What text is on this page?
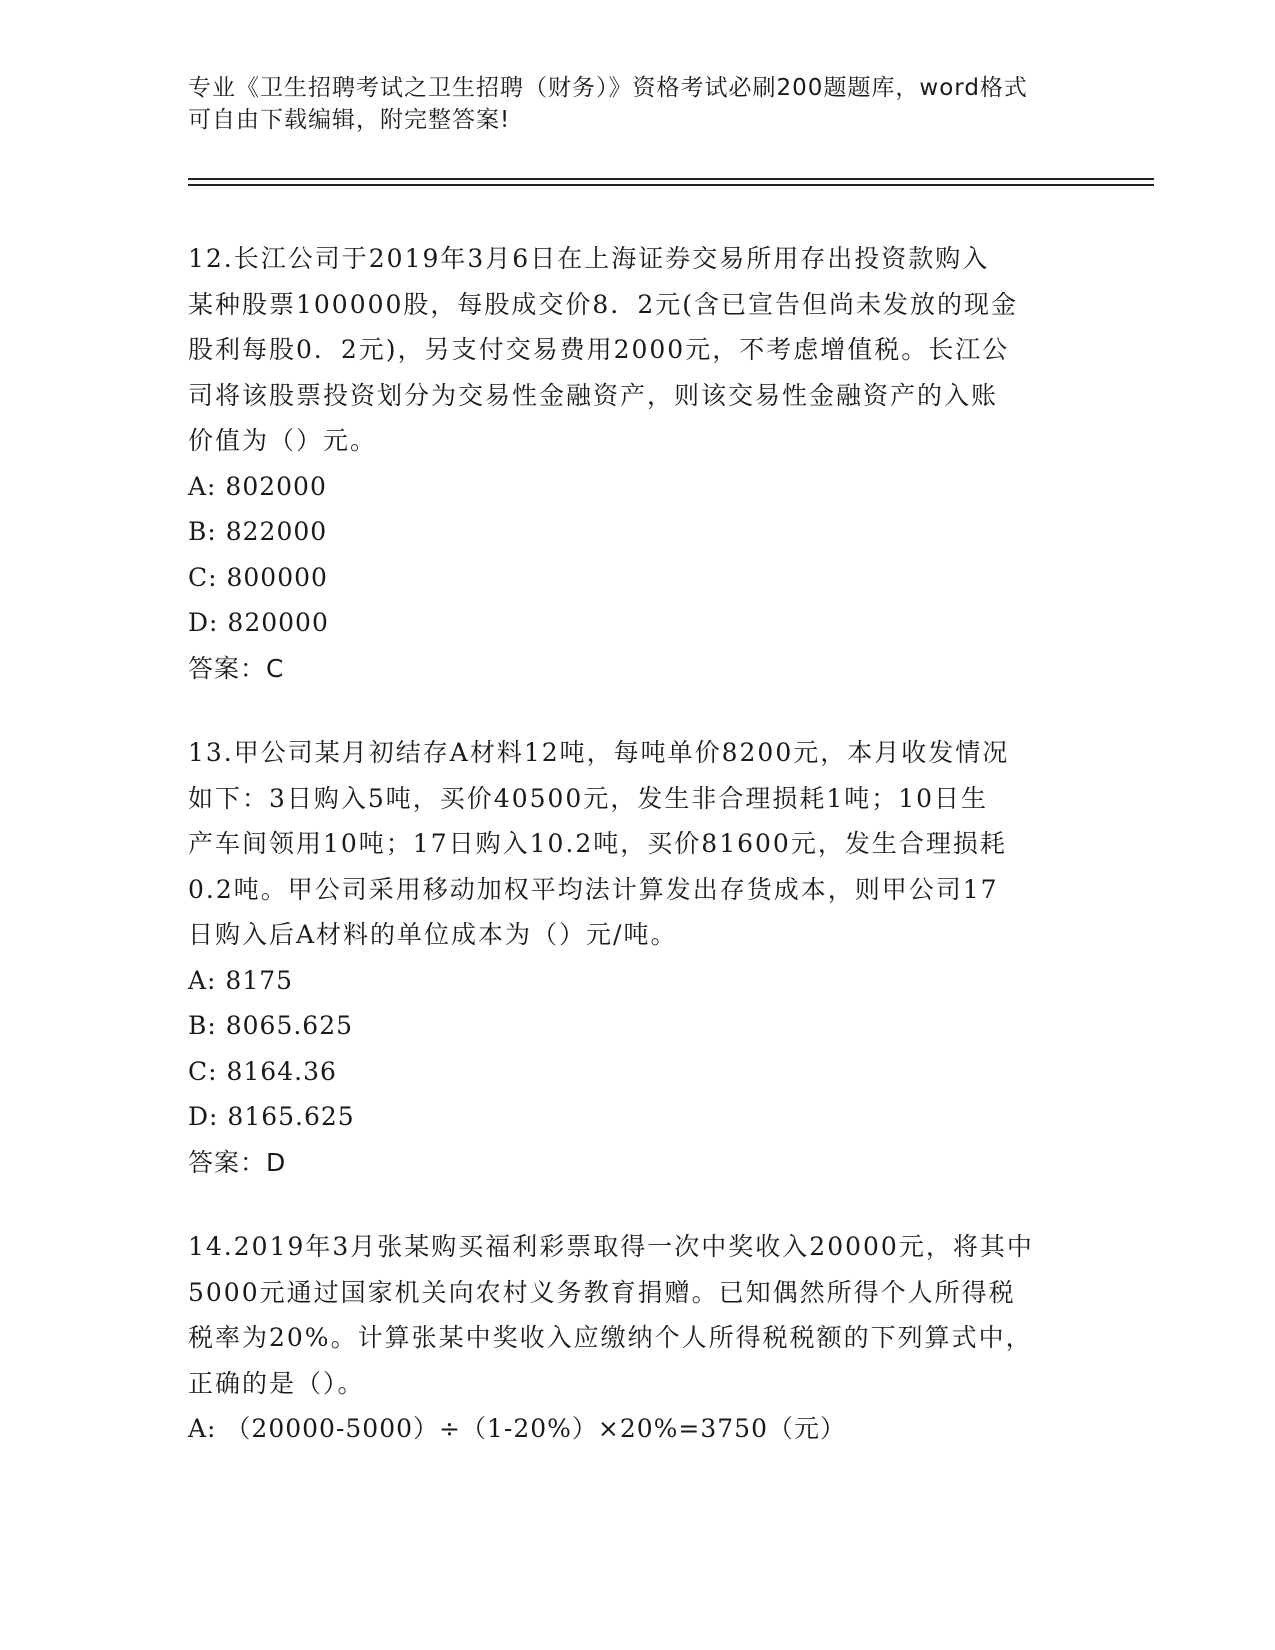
专业《卫生招聘考试之卫生招聘（财务）》资格考试必刷200题题库，word格式

可自由下载编辑，附完整答案!

12.长江公司于2019年3月6日在上海证券交易所用存出投资款购入

某种股票100000股，每股成交价8．2元(含已宣告但尚未发放的现金

股利每股0．2元)，另支付交易费用2000元，不考虑增值税。长江公

司将该股票投资划分为交易性金融资产，则该交易性金融资产的入账

价值为（）元。

A: 802000

B: 822000

C: 800000

D: 820000

答案：C

13.甲公司某月初结存A材料12吨，每吨单价8200元，本月收发情况

如下：3日购入5吨，买价40500元，发生非合理损耗1吨；10日生

产车间领用10吨；17日购入10.2吨，买价81600元，发生合理损耗

0.2吨。甲公司采用移动加权平均法计算发出存货成本，则甲公司17

日购入后A材料的单位成本为（）元/吨。

A: 8175

B: 8065.625

C: 8164.36

D: 8165.625

答案：D

14.2019年3月张某购买福利彩票取得一次中奖收入20000元，将其中

5000元通过国家机关向农村义务教育捐赠。已知偶然所得个人所得税

税率为20%。计算张某中奖收入应缴纳个人所得税税额的下列算式中，

正确的是（）。

A: （20000-5000）÷（1-20%）×20%=3750（元）
